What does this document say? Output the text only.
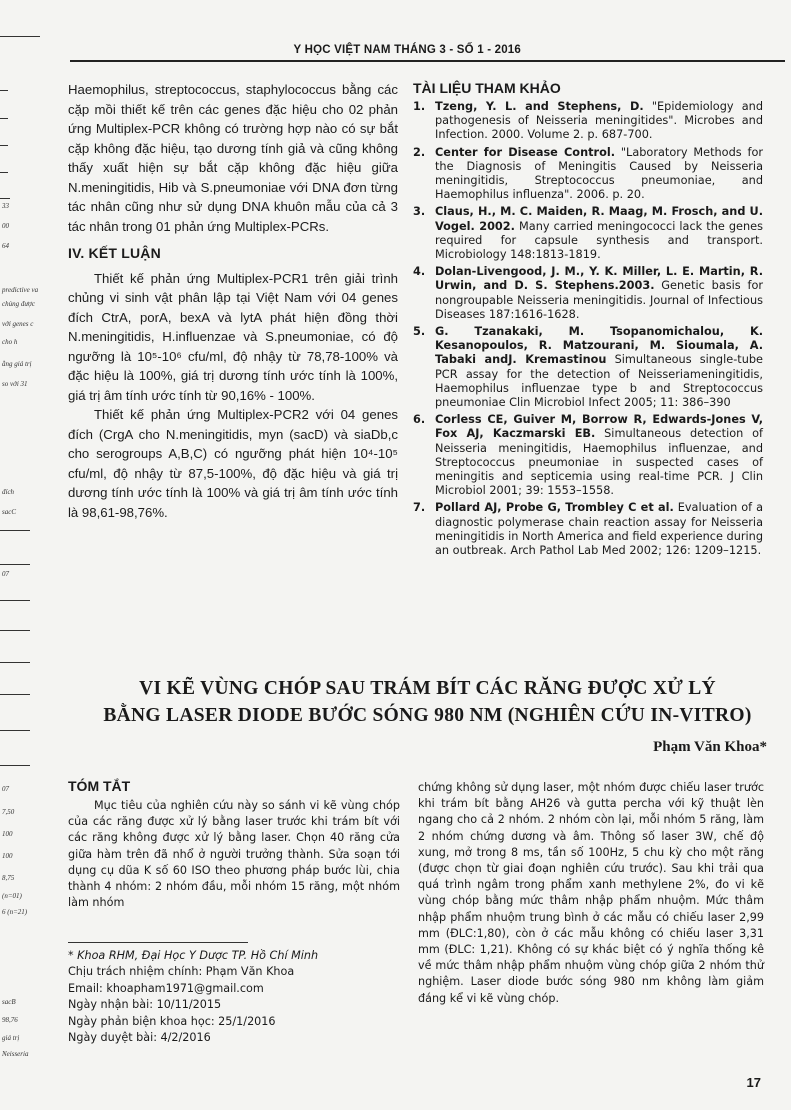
Y HỌC VIỆT NAM THÁNG 3 - SỐ 1 - 2016
33
00
64
predictive va
chủng được
với genes c
cho h
ằng giá trị
so với 31
đích
sacC
07
07
7,50
100
100
8,75
(n=01)
6 (n=21)
sacB
98,76
giá trị
Neisseria

Haemophilus, streptococcus, staphylococcus bằng các cặp mồi thiết kế trên các genes đặc hiệu cho 02 phản ứng Multiplex-PCR không có trường hợp nào có sự bắt cặp không đặc hiệu, tạo dương tính giả và cũng không thấy xuất hiện sự bắt cặp không đặc hiệu giữa N.meningitidis, Hib và S.pneumoniae với DNA đơn từng tác nhân cũng như sử dụng DNA khuôn mẫu của cả 3 tác nhân trong 01 phản ứng Multiplex-PCRs.

IV. KẾT LUẬN

Thiết kế phản ứng Multiplex-PCR1 trên giải trình chủng vi sinh vật phân lập tại Việt Nam với 04 genes đích CtrA, porA, bexA và lytA phát hiện đồng thời N.meningitidis, H.influenzae và S.pneumoniae, có độ ngưỡng là 10⁵-10⁶ cfu/ml, độ nhậy từ 78,78-100% và đặc hiệu là 100%, giá trị dương tính ước tính là 100%, giá trị âm tính ước tính từ 90,16% - 100%.

Thiết kế phản ứng Multiplex-PCR2 với 04 genes đích (CrgA cho N.meningitidis, myn (sacD) và siaDb,c cho serogroups A,B,C) có ngưỡng phát hiện 10⁴-10⁵ cfu/ml, độ nhậy từ 87,5-100%, độ đặc hiệu và giá trị dương tính ước tính là 100% và giá trị âm tính ước tính là 98,61-98,76%.

TÀI LIỆU THAM KHẢO
1. Tzeng, Y. L. and Stephens, D. "Epidemiology and pathogenesis of Neisseria meningitides". Microbes and Infection. 2000. Volume 2. p. 687-700.
2. Center for Disease Control. "Laboratory Methods for the Diagnosis of Meningitis Caused by Neisseria meningitidis, Streptococcus pneumoniae, and Haemophilus influenza". 2006. p. 20.
3. Claus, H., M. C. Maiden, R. Maag, M. Frosch, and U. Vogel. 2002. Many carried meningococci lack the genes required for capsule synthesis and transport. Microbiology 148:1813-1819.
4. Dolan-Livengood, J. M., Y. K. Miller, L. E. Martin, R. Urwin, and D. S. Stephens.2003. Genetic basis for nongroupable Neisseria meningitidis. Journal of Infectious Diseases 187:1616-1628.
5. G. Tzanakaki, M. Tsopanomichalou, K. Kesanopoulos, R. Matzourani, M. Sioumala, A. Tabaki andJ. Kremastinou Simultaneous single-tube PCR assay for the detection of Neisseriameningitidis, Haemophilus influenzae type b and Streptococcus pneumoniae Clin Microbiol Infect 2005; 11: 386–390
6. Corless CE, Guiver M, Borrow R, Edwards-Jones V, Fox AJ, Kaczmarski EB. Simultaneous detection of Neisseria meningitidis, Haemophilus influenzae, and Streptococcus pneumoniae in suspected cases of meningitis and septicemia using real-time PCR. J Clin Microbiol 2001; 39: 1553–1558.
7. Pollard AJ, Probe G, Trombley C et al. Evaluation of a diagnostic polymerase chain reaction assay for Neisseria meningitidis in North America and field experience during an outbreak. Arch Pathol Lab Med 2002; 126: 1209–1215.
VI KẼ VÙNG CHÓP SAU TRÁM BÍT CÁC RĂNG ĐƯỢC XỬ LÝ
BẰNG LASER DIODE BƯỚC SÓNG 980 NM (NGHIÊN CỨU IN-VITRO)
Phạm Văn Khoa*
TÓM TẮT

Mục tiêu của nghiên cứu này so sánh vi kẽ vùng chóp của các răng được xử lý bằng laser trước khi trám bít với các răng không được xử lý bằng laser. Chọn 40 răng cửa giữa hàm trên đã nhổ ở người trưởng thành. Sửa soạn tới dụng cụ dũa K số 60 ISO theo phương pháp bước lùi, chia thành 4 nhóm: 2 nhóm đầu, mỗi nhóm 15 răng, một nhóm làm nhóm

chứng không sử dụng laser, một nhóm được chiếu laser trước khi trám bít bằng AH26 và gutta percha với kỹ thuật lèn ngang cho cả 2 nhóm. 2 nhóm còn lại, mỗi nhóm 5 răng, làm 2 nhóm chứng dương và âm. Thông số laser 3W, chế độ xung, mở trong 8 ms, tần số 100Hz, 5 chu kỳ cho một răng (được chọn từ giai đoạn nghiên cứu trước). Sau khi trải qua quá trình ngâm trong phẩm xanh methylene 2%, đo vi kẽ vùng chóp bằng mức thâm nhập phẩm nhuộm. Mức thâm nhập phẩm nhuộm trung bình ở các mẫu có chiếu laser 2,99 mm (ĐLC:1,80), còn ở các mẫu không có chiếu laser 3,31 mm (ĐLC: 1,21). Không có sự khác biệt có ý nghĩa thống kê về mức thâm nhập phẩm nhuộm vùng chóp giữa 2 nhóm thử nghiệm. Laser diode bước sóng 980 nm không làm giảm đáng kể vi kẽ vùng chóp.

* Khoa RHM, Đại Học Y Dược TP. Hồ Chí Minh
Chịu trách nhiệm chính: Phạm Văn Khoa
Email: khoapham1971@gmail.com
Ngày nhận bài: 10/11/2015
Ngày phản biện khoa học: 25/1/2016
Ngày duyệt bài: 4/2/2016
17
